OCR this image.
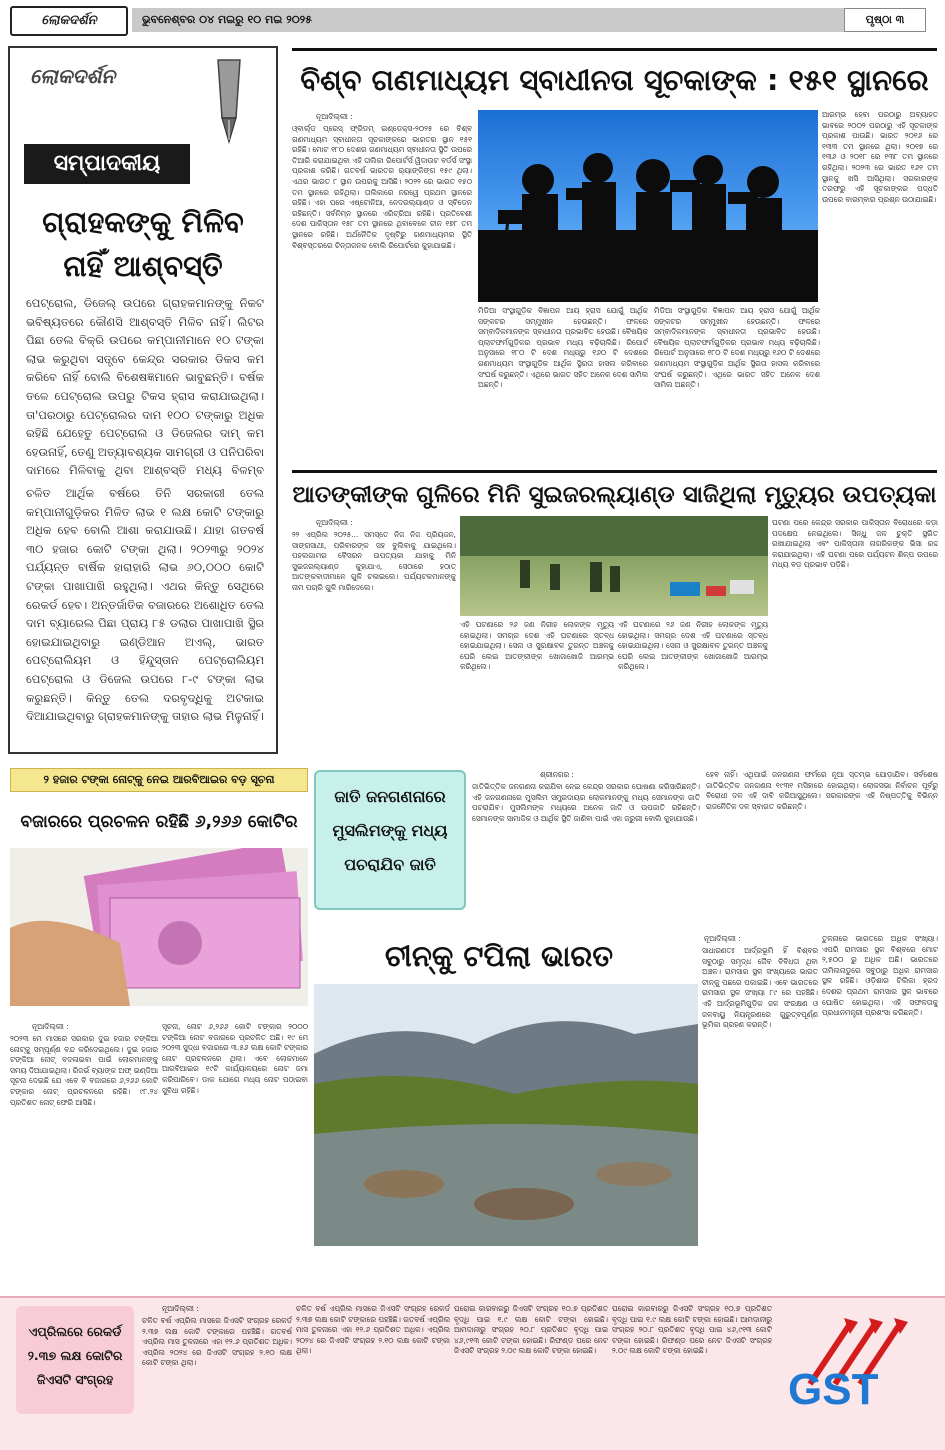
ଲୋକଦର୍ଶନ	ଭୁବନେଶ୍ବର ୦୪ ମଇରୁ ୧୦ ମଇ ୨୦୨୫	ପୃଷ୍ଠା ୩
ଲୋକଦର୍ଶନ
ସମ୍ପାଦକୀୟ
ଗ୍ରାହକଙ୍କୁ ମିଳିବ ନାହିଁ ଆଶ୍ବସ୍ତି
ପେଟ୍ରୋଲ, ଡିଜେଲ୍ ଉପରେ ଗ୍ରାହକମାନଙ୍କୁ ନିକଟ ଭବିଷ୍ୟତରେ କୌଣସି ଆଶ୍ବସ୍ତି ମିଳିବ ନାହିଁ। ଲିଟର ପିଛା ତେଲ ବିକ୍ରି ଉପରେ କମ୍ପାନୀମାନେ ୧୦ ଟଙ୍କା ଲାଭ କରୁଥିବା ସତ୍ତ୍ବେ କେନ୍ଦ୍ର ସରକାର ଡିକସ କମ କରିବେ ନାହିଁ ବୋଲି ବିଶେଷଜ୍ଞମାନେ ଭାବୁଛନ୍ତି। ବର୍ଷକ ତଳେ ପେଟ୍ରୋଲ ଉପରୁ ଟିକସ ହ୍ରାସ କରାଯାଇଥିଲା। ତା'ପରଠାରୁ ପେଟ୍ରୋଲର ଦାମ ୧୦୦ ଟଙ୍କାରୁ ଅଧିକ ରହିଛି ଯେହେତୁ ପେଟ୍ରୋଲ ଓ ଡିଜେଲର ଦାମ୍ କମ ହେଉନାହିଁ, ତେଣୁ ଅତ୍ୟାବଶ୍ୟକ ସାମଗ୍ରୀ ଓ ପନିପରିବା ଦାମରେ ମିଳିବାକୁ ଥିବା ଆଶ୍ବସ୍ତି ମଧ୍ୟ ବିଳମ୍ବ
ଚଳିତ ଆର୍ଥିକ ବର୍ଷରେ ତିନି ସରକାରୀ ତେଲ କମ୍ପାନୀଗୁଡ଼ିକର ମିଳିତ ଲାଭ ୧ ଲକ୍ଷ କୋଟି ଟଙ୍କାରୁ ଅଧିକ ହେବ ବୋଲି ଆଶା କରାଯାଉଛି। ଯାହା ଗତବର୍ଷ ୩୦ ହଜାର କୋଟି ଟଙ୍କା ଥିଲା। ୨୦୨୩ରୁ ୨୦୨୪ ପର୍ଯ୍ୟନ୍ତ ବାର୍ଷିକ ହାରାହାରି ଲାଭ ୬୦,୦୦୦ କୋଟି ଟଙ୍କା ପାଖାପାଖି ରହୁଥିଲା। ଏଥର କିନ୍ତୁ ସେଥିରେ ରେକର୍ଡ ହେବ। ଅନ୍ତର୍ଜାତିକ ବଜାରରେ ଅଶୋଧିତ ତେଲ ଦାମ ବ୍ୟାରେଲ ପିଛା ପ୍ରାୟ ୮୫ ଡଲାର ପାଖାପାଖି ସ୍ଥିର ହୋଇଯାଇଥିବାରୁ ଇଣ୍ଡିଆନ ଅଏଲ୍, ଭାରତ ପେଟ୍ରୋଲିୟମ ଓ ହିନ୍ଦୁସ୍ତାନ ପେଟ୍ରୋଲିୟମ ପେଟ୍ରୋଲ ଓ ଡିଜେଲ ଉପରେ ୮-୯ ଟଙ୍କା ଲାଭ କରୁଛନ୍ତି। କିନ୍ତୁ ତେଲ ଦରବୃଦ୍ଧିକୁ ଅଟକାଇ ଦିଆଯାଇଥିବାରୁ ଗ୍ରାହକମାନଙ୍କୁ ତାହାର ଲାଭ ମିଳୁନାହିଁ।
ବିଶ୍ବ ଗଣମାଧ୍ୟମ ସ୍ବାଧୀନତା ସୂଚକାଙ୍କ : ୧୫୧ ସ୍ଥାନରେ
ନୂଆଦିଲ୍ଲୀ :
ଓ୍ବାର୍ଲ୍ଡ ପ୍ରେସ୍ ଫ୍ରିଡମ୍ ଇଣ୍ଡେକ୍ସ-୨୦୨୫ ରେ ବିଶ୍ବ ଗଣମାଧ୍ୟମ ସ୍ବାଧୀନତା ସୂଚକାଙ୍କରେ ଭାରତର ସ୍ଥାନ ୧୫୧ ରହିଛି। ମୋଟ ୧୮୦ ଦେଶର ଗଣମାଧ୍ୟମ ସ୍ବାଧୀନତା ସ୍ଥିତି ଉପରେ ତିଆରି କରାଯାଇଥିବା ଏହି ତାଲିକା ରିପୋର୍ଟର୍ସ ୱିଦାଉଟ ବର୍ଡର୍ସ ସଂସ୍ଥା ପ୍ରକାଶ କରିଛି। ଗତବର୍ଷ ଭାରତର ର‍୍ୟାଙ୍କିଙ୍ଗ ୧୫୯ ଥିଲା। ଏଥର ଭାରତ ୮ ସ୍ଥାନ ଉପରକୁ ଆସିଛି। ୨୦୨୨ ରେ ଭାରତ ୧୫୦ ତମ ସ୍ଥାନରେ ରହିଥିଲା। ତାଲିକାରେ ନରୱେ ପ୍ରଥମ ସ୍ଥାନରେ ରହିଛି। ଏହା ପରେ ଏଷ୍ଟୋନିଆ, ନେଦରଲ୍ୟାଣ୍ଡ ଓ ସ୍ବିଡେନ ରହିଛନ୍ତି। ସର୍ବନିମ୍ନ ସ୍ଥାନରେ ଏରିଟ୍ରିଆ ରହିଛି। ପ୍ରତିବେଶୀ ଦେଶ ପାକିସ୍ତାନ ୧୫୮ ତମ ସ୍ଥାନରେ ଥିବାବେଳେ ଚୀନ ୧୭୮ ତମ ସ୍ଥାନରେ ରହିଛି। ଅର୍ଥନୈତିକ ଦୃଷ୍ଟିରୁ ଗଣମାଧ୍ୟମର ସ୍ଥିତି ବିଶ୍ବସ୍ତରରେ ଚିନ୍ତାଜନକ ବୋଲି ରିପୋର୍ଟରେ କୁହାଯାଇଛି।
ମିଡିଆ ସଂସ୍ଥାଗୁଡ଼ିକ ବିଜ୍ଞାପନ ଆୟ ହ୍ରାସ ଯୋଗୁଁ ଆର୍ଥିକ ସଙ୍କଟର ସମ୍ମୁଖୀନ ହେଉଛନ୍ତି। ଫଳରେ ସମ୍ବାଦିକମାନଙ୍କ ସ୍ବାଧୀନତା ପ୍ରଭାବିତ ହେଉଛି। ବୈଷୟିକ ପ୍ଲାଟଫର୍ମଗୁଡ଼ିକର ପ୍ରଭାବ ମଧ୍ୟ ବଢ଼ିଚାଲିଛି। ରିପୋର୍ଟ ଅନୁସାରେ ୧୮୦ ଟି ଦେଶ ମଧ୍ୟରୁ ୧୬୦ ଟି ଦେଶରେ ଗଣମାଧ୍ୟମ ସଂସ୍ଥାଗୁଡ଼ିକ ଆର୍ଥିକ ସ୍ଥିରତା ହାସଲ କରିବାରେ ସଂଘର୍ଷ କରୁଛନ୍ତି। ଏଥିରେ ଭାରତ ସହିତ ଅନେକ ଦେଶ ସାମିଲ ଅଛନ୍ତି।
ମିଡିଆ ସଂସ୍ଥାଗୁଡ଼ିକ ବିଜ୍ଞାପନ ଆୟ ହ୍ରାସ ଯୋଗୁଁ ଆର୍ଥିକ ସଙ୍କଟର ସମ୍ମୁଖୀନ ହେଉଛନ୍ତି। ଫଳରେ ସମ୍ବାଦିକମାନଙ୍କ ସ୍ବାଧୀନତା ପ୍ରଭାବିତ ହେଉଛି। ବୈଷୟିକ ପ୍ଲାଟଫର୍ମଗୁଡ଼ିକର ପ୍ରଭାବ ମଧ୍ୟ ବଢ଼ିଚାଲିଛି। ରିପୋର୍ଟ ଅନୁସାରେ ୧୮୦ ଟି ଦେଶ ମଧ୍ୟରୁ ୧୬୦ ଟି ଦେଶରେ ଗଣମାଧ୍ୟମ ସଂସ୍ଥାଗୁଡ଼ିକ ଆର୍ଥିକ ସ୍ଥିରତା ହାସଲ କରିବାରେ ସଂଘର୍ଷ କରୁଛନ୍ତି। ଏଥିରେ ଭାରତ ସହିତ ଅନେକ ଦେଶ ସାମିଲ ଅଛନ୍ତି।
ଆରମ୍ଭ ହେବା ପରଠାରୁ ଅବ୍ୟାହତ ଭାବରେ ୨୦୦୨ ପରଠାରୁ ଏହି ସୂଚକାଙ୍କ ପ୍ରକାଶ ପାଉଛି। ଭାରତ ୨୦୧୬ ରେ ୧୩୩ ତମ ସ୍ଥାନରେ ଥିଲା। ୨୦୧୭ ରେ ୧୩୬ ଓ ୨୦୧୮ ରେ ୧୩୮ ତମ ସ୍ଥାନରେ ରହିଥିଲା। ୨୦୨୩ ରେ ଭାରତ ୧୬୧ ତମ ସ୍ଥାନକୁ ଖସି ଆସିଥିଲା। ସରକାରଙ୍କ ତରଫରୁ ଏହି ସୂଚକାଙ୍କର ପଦ୍ଧତି ଉପରେ ବାରମ୍ବାର ପ୍ରଶ୍ନ ଉଠାଯାଇଛି।
ଆତଙ୍କୀଙ୍କ ଗୁଳିରେ ମିନି ସୁଇଜରଲ୍ୟାଣ୍ଡ ସାଜିଥିଲା ମୃତ୍ୟୁର ଉପତ୍ୟକା
ନୂଆଦିଲ୍ଲୀ :
୨୨ ଏପ୍ରିଲ ୨୦୨୫... ସମସ୍ତେ ନିଜ ନିଜ ପ୍ରିୟଜନ, ସାଙ୍ଗସାଥୀ, ପରିବାରଙ୍କ ସହ ବୁଲିବାକୁ ଯାଇଥିଲେ। ପହଲଗାମର ବୈସରନ ଉପତ୍ୟକା ଯାହାକୁ ମିନି ସୁଇଜରଲ୍ୟାଣ୍ଡ କୁହାଯାଏ, ସେଠାରେ ହଠାତ୍ ଆତଙ୍କବାଦୀମାନେ ଗୁଳି ଚଳାଇଲେ। ପର୍ଯ୍ୟଟକମାନଙ୍କୁ ନାମ ପଚାରି ଗୁଳି ମାରିଦେଲେ।
ଏହି ଘଟଣାରେ ୨୬ ଜଣ ନିରୀହ ଲୋକଙ୍କ ମୃତ୍ୟୁ ହୋଇଥିଲା। ସମଗ୍ର ଦେଶ ଏହି ଘଟଣାରେ ସ୍ତବ୍ଧ ହୋଇଯାଇଥିଲା। ସେନା ଓ ସୁରକ୍ଷାବଳ ତୁରନ୍ତ ଅଞ୍ଚଳକୁ ଘେରି ଲେଇ ଆତଙ୍କୀଙ୍କ ଖୋଜାଖୋଜି ଆରମ୍ଭ କରିଥିଲେ।
ଏହି ଘଟଣାରେ ୨୬ ଜଣ ନିରୀହ ଲୋକଙ୍କ ମୃତ୍ୟୁ ହୋଇଥିଲା। ସମଗ୍ର ଦେଶ ଏହି ଘଟଣାରେ ସ୍ତବ୍ଧ ହୋଇଯାଇଥିଲା। ସେନା ଓ ସୁରକ୍ଷାବଳ ତୁରନ୍ତ ଅଞ୍ଚଳକୁ ଘେରି ଲେଇ ଆତଙ୍କୀଙ୍କ ଖୋଜାଖୋଜି ଆରମ୍ଭ କରିଥିଲେ।
ଘଟଣା ପରେ କେନ୍ଦ୍ର ସରକାର ପାକିସ୍ତାନ ବିରୋଧରେ କଡ଼ା ପଦକ୍ଷେପ ନେଇଥିଲେ। ସିନ୍ଧୁ ଜଳ ଚୁକ୍ତି ସ୍ଥଗିତ ରଖାଯାଇଥିଲା ଏବଂ ପାକିସ୍ତାନୀ ନାଗରିକଙ୍କ ଭିସା ରଦ୍ଦ କରାଯାଇଥିଲା। ଏହି ଘଟଣା ପରେ ପର୍ଯ୍ୟଟନ ଶିଳ୍ପ ଉପରେ ମଧ୍ୟ ବଡ଼ ପ୍ରଭାବ ପଡ଼ିଛି।
୨ ହଜାର ଟଙ୍କା ନୋଟ୍‌କୁ ନେଇ ଆରବିଆଇର ବଡ଼ ସୂଚନା
ବଜାରରେ ପ୍ରଚଳନ ରହିଛି ୬,୨୬୬ କୋଟିର
ନୂଆଦିଲ୍ଲୀ :
୨୦୨୩ ମେ ମାସରେ ସରକାର ଦୁଇ ହଜାର ଟଙ୍କିଆ ନୋଟ୍‌କୁ ସମ୍ପୂର୍ଣ୍ଣ ବନ୍ଦ କରିଦେଇଥିଲେ। ଦୁଇ ହଜାର ଟଙ୍କିଆ ନୋଟ୍ ବଦଳାଇବା ପାଇଁ ଲୋକମାନଙ୍କୁ ସମୟ ଦିଆଯାଇଥିଲା। ରିଜର୍ଭ ବ୍ୟାଙ୍କ ଅଫ୍ ଇଣ୍ଡିଆ ସୂଚନା ଦେଇଛି ଯେ ଏବେ ବି ବଜାରରେ ୬,୨୬୬ କୋଟି ଟଙ୍କାର ନୋଟ୍ ପ୍ରଚଳନରେ ରହିଛି। ୯୮.୨୪ ପ୍ରତିଶତ ନୋଟ୍ ଫେରି ଆସିଛି।
ସୂଚନା, ନୋଟ ୬,୨୬୬ କୋଟି ଟଙ୍କାର ୨୦୦୦ ଟଙ୍କିଆ ନୋଟ ବଜାରରେ ପ୍ରଚଳିତ ଅଛି। ୧୯ ମେ ୨୦୨୩ ସୁଦ୍ଧା ବଜାରରେ ୩.୫୬ ଲକ୍ଷ କୋଟି ଟଙ୍କାର ନୋଟ ପ୍ରଚଳନରେ ଥିଲା। ଏବେ ଲୋକମାନେ ଆରବିଆଇର ୧୯ଟି କାର୍ଯ୍ୟାଳୟରେ ନୋଟ ଜମା କରିପାରିବେ। ଡାକ ଯୋଗେ ମଧ୍ୟ ନୋଟ ପଠାଇବା ସୁବିଧା ରହିଛି।
ଜାତି ଜନଗଣନାରେ ମୁସଲିମଙ୍କୁ ମଧ୍ୟ ପଚରାଯିବ ଜାତି
ଶ୍ରୀନଗର :
ଜାତିଭିତ୍ତିକ ଜନଗଣନା କରାଯିବା ନେଇ କେନ୍ଦ୍ର ସରକାର ଘୋଷଣା କରିସାରିଛନ୍ତି। ଏହି ଜନଗଣନାରେ ମୁସଲିମ ସମ୍ପ୍ରଦାୟର ଲୋକମାନଙ୍କୁ ମଧ୍ୟ ସେମାନଙ୍କ ଜାତି ପଚରାଯିବ। ମୁସଲିମଙ୍କ ମଧ୍ୟରେ ଅନେକ ଜାତି ଓ ଉପଜାତି ରହିଛନ୍ତି। ସେମାନଙ୍କ ସାମାଜିକ ଓ ଆର୍ଥିକ ସ୍ଥିତି ଜାଣିବା ପାଇଁ ଏହା ଜରୁରୀ ବୋଲି କୁହାଯାଉଛି।
ହେବ ନାହିଁ। ଏଥିପାଇଁ ଜନଗଣନା ଫର୍ମରେ ନୂଆ ସ୍ତମ୍ଭ ଯୋଡ଼ାଯିବ। ସର୍ବଶେଷ ଜାତିଭିତ୍ତିକ ଜନଗଣନା ୧୯୩୧ ମସିହାରେ ହୋଇଥିଲା। ଲୋକସଭା ନିର୍ବାଚନ ପୂର୍ବରୁ ବିରୋଧୀ ଦଳ ଏହି ଦାବି କରିଆସୁଥିଲେ। ସରକାରଙ୍କ ଏହି ନିଷ୍ପତ୍ତିକୁ ବିଭିନ୍ନ ରାଜନୈତିକ ଦଳ ସ୍ବାଗତ କରିଛନ୍ତି।
ଚୀନ୍‌କୁ ଟପିଲା ଭାରତ
ନୂଆଦିଲ୍ଲୀ :
ସାଧାରଣତଃ ଆର୍ଦ୍ରଭୂମି ହିଁ ବିଶ୍ବର ସବୁଠାରୁ ସମୃଦ୍ଧ ଜୈବ ବିବିଧତା ଥିବା ଅଞ୍ଚଳ। ରାମସାର ସ୍ଥଳ ସଂଖ୍ୟାରେ ଭାରତ ଚୀନ୍‌କୁ ପଛରେ ପକାଇଛି। ଏବେ ଭାରତରେ ରାମସାର ସ୍ଥଳ ସଂଖ୍ୟା ୮୯ ରେ ପହଞ୍ଚିଛି। ଏହି ଆର୍ଦ୍ରଭୂମିଗୁଡ଼ିକ ଜଳ ସଂରକ୍ଷଣ ଓ ଜଳବାୟୁ ନିୟନ୍ତ୍ରଣରେ ଗୁରୁତ୍ବପୂର୍ଣ୍ଣ ଭୂମିକା ଗ୍ରହଣ କରନ୍ତି।
ତୁଳନାରେ ଭାରତରେ ଅଧିକ ସଂଖ୍ୟା। ଏପରି ରାମସାର ସ୍ଥଳ ବିଶ୍ବରେ ମୋଟ ୨,୫୦୦ ରୁ ଅଧିକ ଅଛି। ଭାରତରେ ତାମିଲନାଡୁରେ ସବୁଠାରୁ ଅଧିକ ରାମସାର ସ୍ଥଳ ରହିଛି। ଓଡ଼ିଶାର ଚିଲିକା ହ୍ରଦ ଦେଶର ପ୍ରଥମ ରାମସାର ସ୍ଥଳ ଭାବରେ ଘୋଷିତ ହୋଇଥିଲା। ଏହି ସଫଳତାକୁ ପ୍ରଧାନମନ୍ତ୍ରୀ ପ୍ରଶଂସା କରିଛନ୍ତି।
ଏପ୍ରିଲରେ ରେକର୍ଡ ୨.୩୭ ଲକ୍ଷ କୋଟିର ଜିଏସଟି ସଂଗ୍ରହ
ନୂଆଦିଲ୍ଲୀ :
ଚଳିତ ବର୍ଷ ଏପ୍ରିଲ ମାସରେ ଜିଏସଟି ସଂଗ୍ରହ ରେକର୍ଡ ୨.୩୭ ଲକ୍ଷ କୋଟି ଟଙ୍କାରେ ପହଞ୍ଚିଛି। ଗତବର୍ଷ ଏପ୍ରିଲ ମାସ ତୁଳନାରେ ଏହା ୧୨.୬ ପ୍ରତିଶତ ଅଧିକ। ଏପ୍ରିଲ ୨୦୨୪ ରେ ଜିଏସଟି ସଂଗ୍ରହ ୨.୧୦ ଲକ୍ଷ କୋଟି ଟଙ୍କା ଥିଲା।
ଚଳିତ ବର୍ଷ ଏପ୍ରିଲ ମାସରେ ଜିଏସଟି ସଂଗ୍ରହ ରେକର୍ଡ ୨.୩୭ ଲକ୍ଷ କୋଟି ଟଙ୍କାରେ ପହଞ୍ଚିଛି। ଗତବର୍ଷ ଏପ୍ରିଲ ମାସ ତୁଳନାରେ ଏହା ୧୨.୬ ପ୍ରତିଶତ ଅଧିକ। ଏପ୍ରିଲ ୨୦୨୪ ରେ ଜିଏସଟି ସଂଗ୍ରହ ୨.୧୦ ଲକ୍ଷ କୋଟି ଟଙ୍କା ଥିଲା।
ଘରୋଇ କାରବାରରୁ ଜିଏସଟି ସଂଗ୍ରହ ୧୦.୭ ପ୍ରତିଶତ ବୃଦ୍ଧି ପାଇ ୧.୯ ଲକ୍ଷ କୋଟି ଟଙ୍କା ହୋଇଛି। ଆମଦାନୀରୁ ସଂଗ୍ରହ ୨୦.୮ ପ୍ରତିଶତ ବୃଦ୍ଧି ପାଇ ୪୬,୯୧୩ କୋଟି ଟଙ୍କା ହୋଇଛି। ରିଫଣ୍ଡ ପରେ ନେଟ ଜିଏସଟି ସଂଗ୍ରହ ୨.୦୯ ଲକ୍ଷ କୋଟି ଟଙ୍କା ହୋଇଛି।
ଘରୋଇ କାରବାରରୁ ଜିଏସଟି ସଂଗ୍ରହ ୧୦.୭ ପ୍ରତିଶତ ବୃଦ୍ଧି ପାଇ ୧.୯ ଲକ୍ଷ କୋଟି ଟଙ୍କା ହୋଇଛି। ଆମଦାନୀରୁ ସଂଗ୍ରହ ୨୦.୮ ପ୍ରତିଶତ ବୃଦ୍ଧି ପାଇ ୪୬,୯୧୩ କୋଟି ଟଙ୍କା ହୋଇଛି। ରିଫଣ୍ଡ ପରେ ନେଟ ଜିଏସଟି ସଂଗ୍ରହ ୨.୦୯ ଲକ୍ଷ କୋଟି ଟଙ୍କା ହୋଇଛି।
GST
